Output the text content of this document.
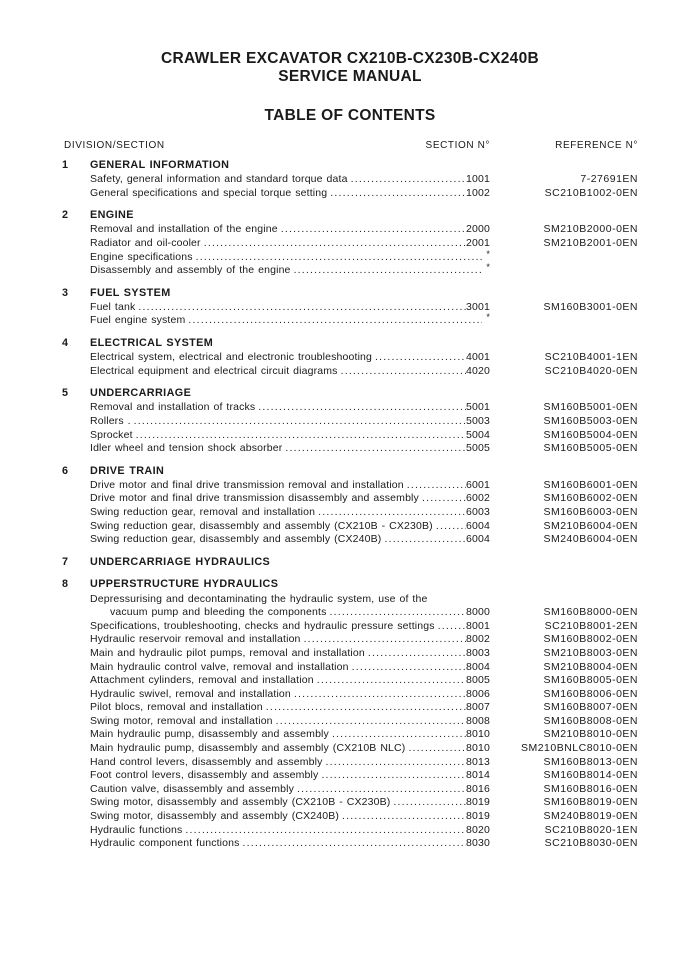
CRAWLER EXCAVATOR CX210B-CX230B-CX240B
SERVICE MANUAL
TABLE OF CONTENTS
DIVISION/SECTION	SECTION N°	REFERENCE N°
1	GENERAL INFORMATION
Safety, general information and standard torque data .....	1001	7-27691EN
General specifications and special torque setting .....	1002	SC210B1002-0EN
2	ENGINE
Removal and installation of the engine .....	2000	SM210B2000-0EN
Radiator and oil-cooler .....	2001	SM210B2001-0EN
Engine specifications .....	*
Disassembly and assembly of the engine .....	*
3	FUEL SYSTEM
Fuel tank .....	3001	SM160B3001-0EN
Fuel engine system .....	*
4	ELECTRICAL SYSTEM
Electrical system, electrical and electronic troubleshooting .....	4001	SC210B4001-1EN
Electrical equipment and electrical circuit diagrams .....	4020	SC210B4020-0EN
5	UNDERCARRIAGE
Removal and installation of tracks .....	5001	SM160B5001-0EN
Rollers . .....	5003	SM160B5003-0EN
Sprocket .....	5004	SM160B5004-0EN
Idler wheel and tension shock absorber .....	5005	SM160B5005-0EN
6	DRIVE TRAIN
Drive motor and final drive transmission removal and installation .....	6001	SM160B6001-0EN
Drive motor and final drive transmission disassembly and assembly .....	6002	SM160B6002-0EN
Swing reduction gear, removal and installation .....	6003	SM160B6003-0EN
Swing reduction gear, disassembly and assembly (CX210B - CX230B) .....	6004	SM210B6004-0EN
Swing reduction gear, disassembly and assembly (CX240B) .....	6004	SM240B6004-0EN
7	UNDERCARRIAGE HYDRAULICS
8	UPPERSTRUCTURE HYDRAULICS
Depressurising and decontaminating the hydraulic system, use of the
vacuum pump and bleeding the components .....	8000	SM160B8000-0EN
Specifications, troubleshooting, checks and hydraulic pressure settings .....	8001	SC210B8001-2EN
Hydraulic reservoir removal and installation .....	8002	SM160B8002-0EN
Main and hydraulic pilot pumps, removal and installation .....	8003	SM210B8003-0EN
Main hydraulic control valve, removal and installation .....	8004	SM210B8004-0EN
Attachment cylinders, removal and installation .....	8005	SM160B8005-0EN
Hydraulic swivel, removal and installation .....	8006	SM160B8006-0EN
Pilot blocs, removal and installation .....	8007	SM160B8007-0EN
Swing motor, removal and installation .....	8008	SM160B8008-0EN
Main hydraulic pump, disassembly and assembly .....	8010	SM210B8010-0EN
Main hydraulic pump, disassembly and assembly (CX210B NLC) .....	8010	SM210BNLC8010-0EN
Hand control levers, disassembly and assembly .....	8013	SM160B8013-0EN
Foot control levers, disassembly and assembly .....	8014	SM160B8014-0EN
Caution valve, disassembly and assembly .....	8016	SM160B8016-0EN
Swing motor, disassembly and assembly (CX210B - CX230B) .....	8019	SM160B8019-0EN
Swing motor, disassembly and assembly (CX240B) .....	8019	SM240B8019-0EN
Hydraulic functions .....	8020	SC210B8020-1EN
Hydraulic component functions .....	8030	SC210B8030-0EN
